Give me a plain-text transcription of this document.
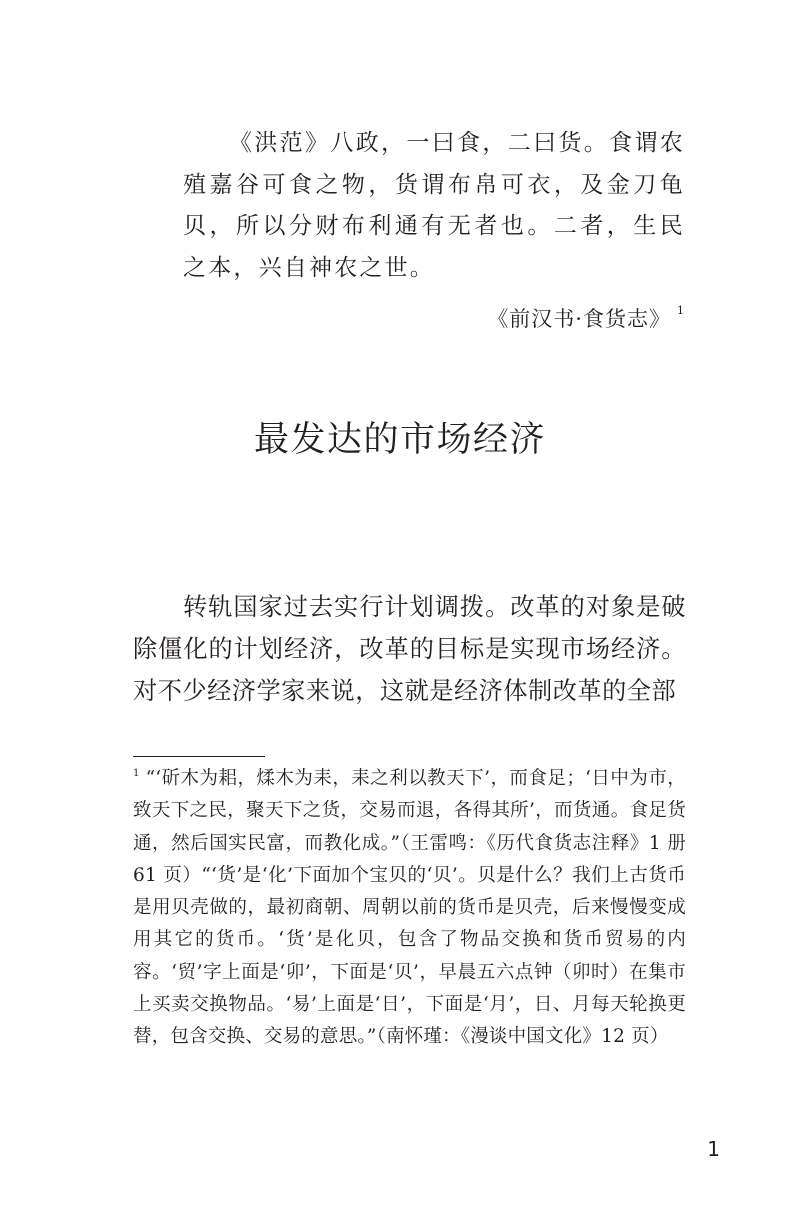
《洪范》八政，一曰食，二曰货。食谓农殖嘉谷可食之物，货谓布帛可衣，及金刀龟贝，所以分财布利通有无者也。二者，生民之本，兴自神农之世。

《前汉书·食货志》 $^1$
最发达的市场经济

转轨国家过去实行计划调拨。改革的对象是破除僵化的计划经济，改革的目标是实现市场经济。对不少经济学家来说，这就是经济体制改革的全部

$^1$ “‘斫木为耜，煣木为耒，耒之利以教天下’，而食足；‘日中为市，致天下之民，聚天下之货，交易而退，各得其所’，而货通。食足货通，然后国实民富，而教化成。”（王雷鸣：《历代食货志注释》1 册 61 页）“‘货’是‘化’下面加个宝贝的‘贝’。贝是什么？我们上古货币是用贝壳做的，最初商朝、周朝以前的货币是贝壳，后来慢慢变成用其它的货币。‘货’是化贝，包含了物品交换和货币贸易的内容。‘贸’字上面是‘卯’，下面是‘贝’，早晨五六点钟（卯时）在集市上买卖交换物品。‘易’上面是‘日’，下面是‘月’，日、月每天轮换更替，包含交换、交易的意思。”（南怀瑾：《漫谈中国文化》12 页）

1
